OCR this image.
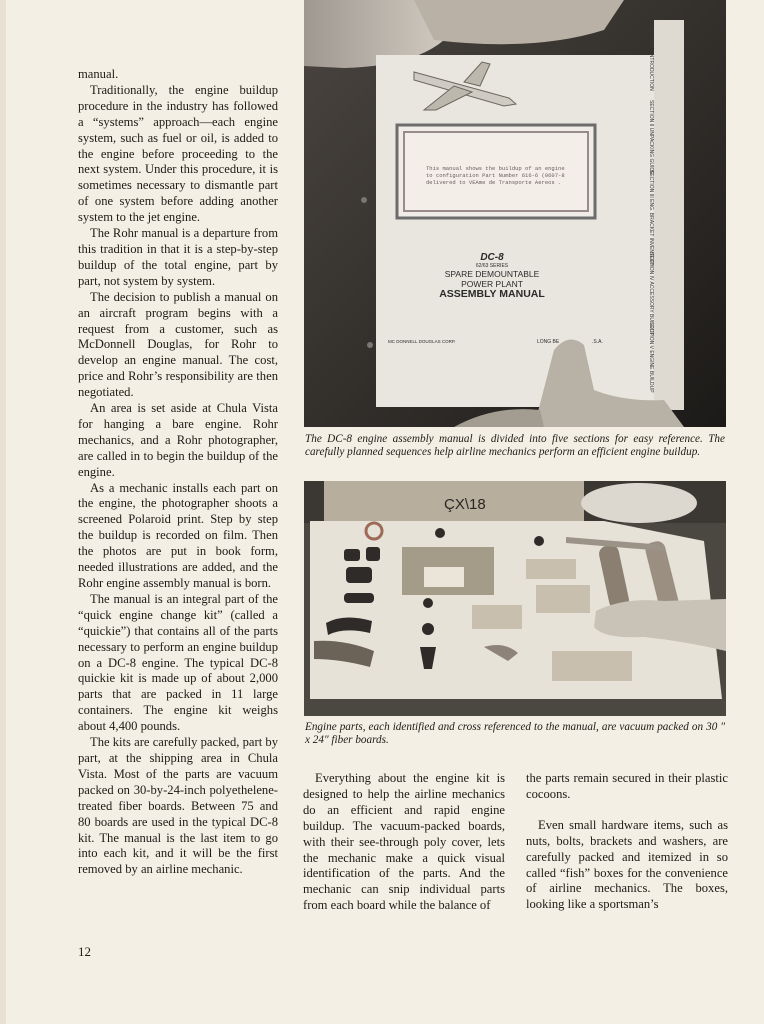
manual.

Traditionally, the engine buildup procedure in the industry has followed a “systems” approach—each engine system, such as fuel or oil, is added to the engine before proceeding to the next system. Under this procedure, it is sometimes necessary to dismantle part of one system before adding another system to the jet engine.

The Rohr manual is a departure from this tradition in that it is a step-by-step buildup of the total engine, part by part, not system by system.

The decision to publish a manual on an aircraft program begins with a request from a customer, such as McDonnell Douglas, for Rohr to develop an engine manual. The cost, price and Rohr’s responsibility are then negotiated.

An area is set aside at Chula Vista for hanging a bare engine. Rohr mechanics, and a Rohr photographer, are called in to begin the buildup of the engine.

As a mechanic installs each part on the engine, the photographer shoots a screened Polaroid print. Step by step the buildup is recorded on film. Then the photos are put in book form, needed illustrations are added, and the Rohr engine assembly manual is born.

The manual is an integral part of the “quick engine change kit” (called a “quickie”) that contains all of the parts necessary to perform an engine buildup on a DC-8 engine. The typical DC-8 quickie kit is made up of about 2,000 parts that are packed in 11 large containers. The engine kit weighs about 4,400 pounds.

The kits are carefully packed, part by part, at the shipping area in Chula Vista. Most of the parts are vacuum packed on 30-by-24-inch polyethelene-treated fiber boards. Between 75 and 80 boards are used in the typical DC-8 kit. The manual is the last item to go into each kit, and it will be the first removed by an airline mechanic.

This manual shows the buildup of an engine
to configuration Part Number 616-6 (0607-8
delivered to VEAme de Transporte Aereos .
DC-8
62/63 SERIES
SPARE DEMOUNTABLE
POWER PLANT
ASSEMBLY MANUAL
MC DONNELL DOUGLAS CORP.	LONG BE	.S.A.
SECTION I INTRODUCTION
SECTION II UNPACKING GUIDE
SECTION III ENG. BRACKET INVENTORY
SECTION IV ACCESSORY BUILDUP
SECTION V ENGINE BUILDUP
The DC-8 engine assembly manual is divided into five sections for easy reference. The carefully planned sequences help airline mechanics perform an efficient engine buildup.
ÇX\18
Engine parts, each identified and cross referenced to the manual, are vacuum packed on 30 ″ x 24″ fiber boards.

Everything about the engine kit is designed to help the airline mechanics do an efficient and rapid engine buildup. The vacuum-packed boards, with their see-through poly cover, lets the mechanic make a quick visual identification of the parts. And the mechanic can snip individual parts from each board while the balance of

the parts remain secured in their plastic cocoons.

Even small hardware items, such as nuts, bolts, brackets and washers, are carefully packed and itemized in so called “fish” boxes for the convenience of airline mechanics. The boxes, looking like a sportsman’s

12
